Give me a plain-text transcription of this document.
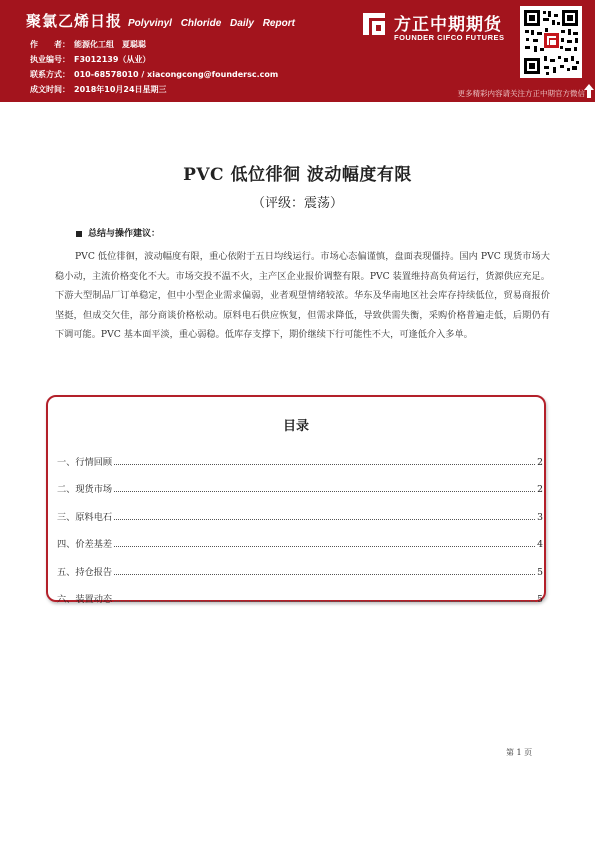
聚氯乙烯日报 Polyvinyl Chloride Daily Report
作　　者： 能源化工组　夏聪聪
执业编号： F3012139（从业）
联系方式： 010-68578010 / xiacongcong@foundersc.com
成文时间： 2018年10月24日星期三
方正中期期货
FOUNDER CIFCO FUTURES
更多精彩内容请关注方正中期官方微信
PVC 低位徘徊 波动幅度有限
（评级：震荡）
总结与操作建议：
PVC 低位徘徊，波动幅度有限，重心依附于五日均线运行。市场心态偏谨慎，盘面表现僵持。国内 PVC 现货市场大稳小动，主流价格变化不大。市场交投不温不火，主产区企业报价调整有限。PVC 装置维持高负荷运行，货源供应充足。下游大型制品厂订单稳定，但中小型企业需求偏弱，业者观望情绪较浓。华东及华南地区社会库存持续低位，贸易商报价坚挺，但成交欠佳，部分商谈价格松动。原料电石供应恢复，但需求降低，导致供需失衡，采购价格普遍走低，后期仍有下调可能。PVC 基本面平淡，重心弱稳。低库存支撑下，期价继续下行可能性不大，可逢低介入多单。
目录
一、行情回顾	2
二、现货市场	2
三、原料电石	3
四、价差基差	4
五、持仓报告	5
六、装置动态	5
第 1 页
